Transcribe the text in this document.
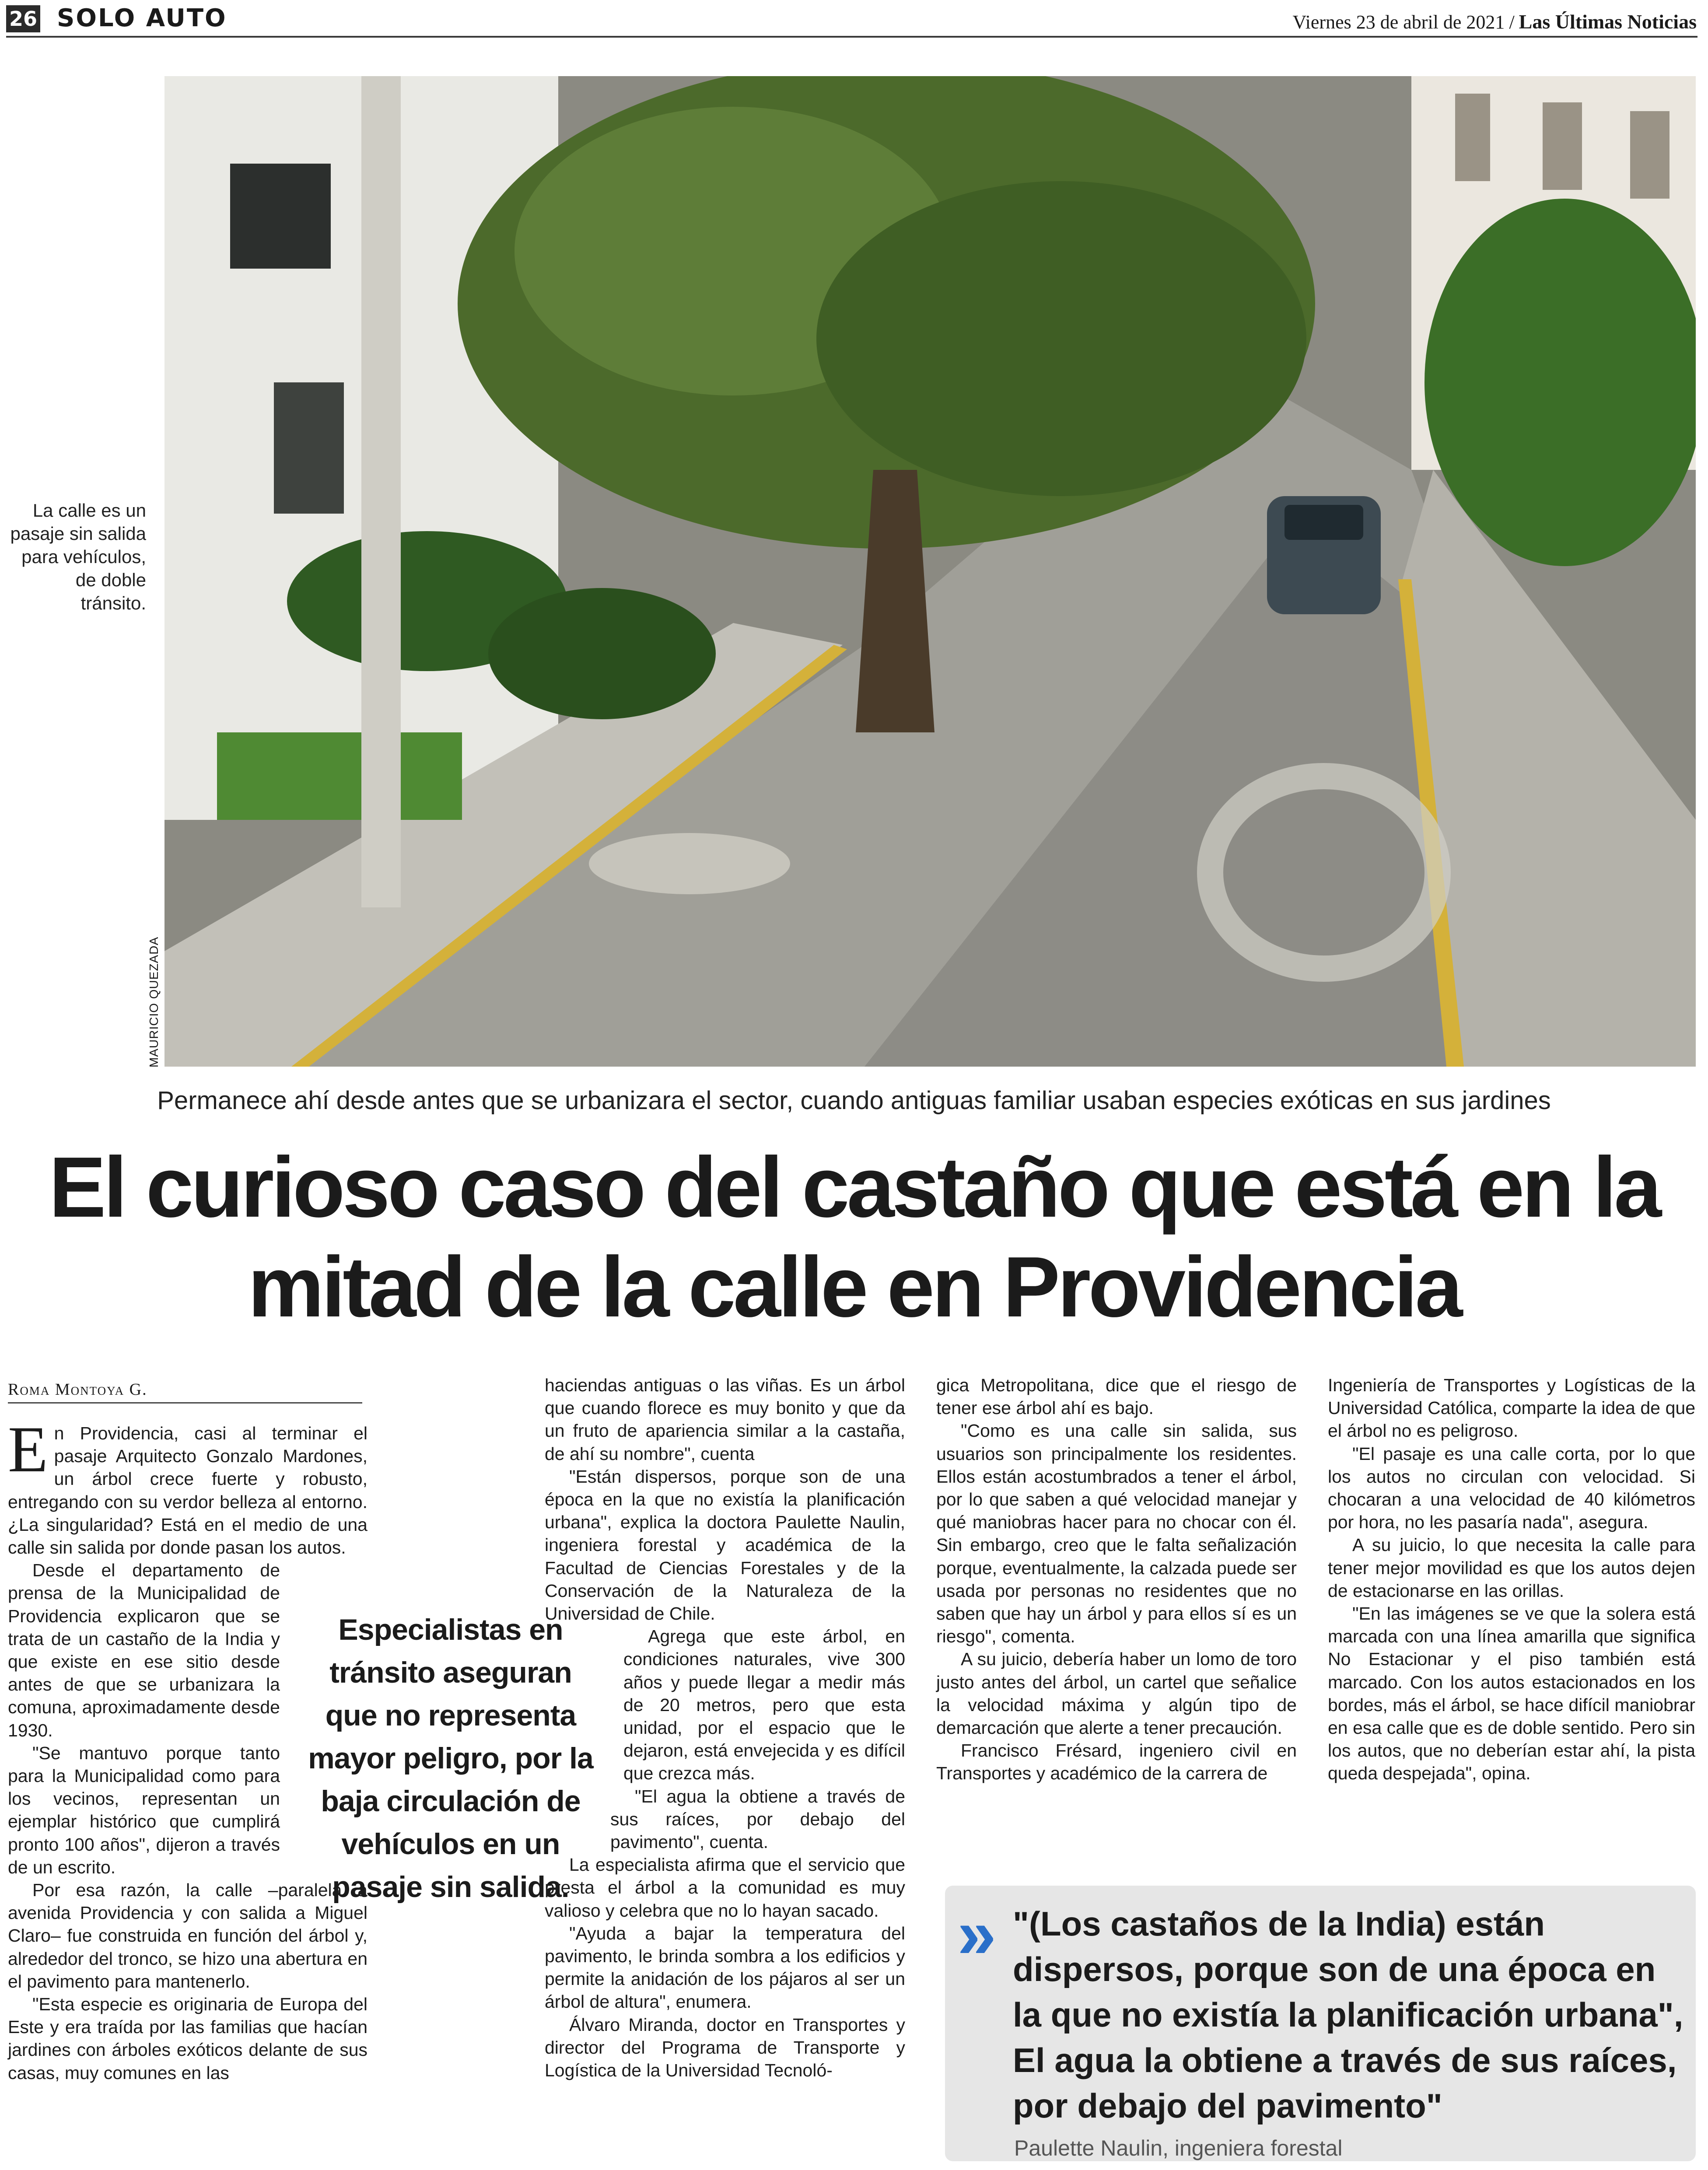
26 SOLO AUTO	Viernes 23 de abril de 2021 / Las Últimas Noticias
La calle es un pasaje sin salida para vehículos, de doble tránsito.
MAURICIO QUEZADA
Permanece ahí desde antes que se urbanizara el sector, cuando antiguas familiar usaban especies exóticas en sus jardines
El curioso caso del castaño que está en la
mitad de la calle en Providencia
Roma Montoya G.

En Providencia, casi al terminar el pasaje Arquitecto Gonzalo Mardones, un árbol crece fuerte y robusto, entregando con su verdor belleza al entorno. ¿La singularidad? Está en el medio de una calle sin salida por donde pasan los autos.

Desde el departamento de prensa de la Municipalidad de Providencia explicaron que se trata de un castaño de la India y que existe en ese sitio desde antes de que se urbanizara la comuna, aproximadamente desde 1930.

"Se mantuvo porque tanto para la Municipalidad como para los vecinos, representan un ejemplar histórico que cumplirá pronto 100 años", dijeron a través de un escrito.

Por esa razón, la calle –paralela a avenida Providencia y con salida a Miguel Claro– fue construida en función del árbol y, alrededor del tronco, se hizo una abertura en el pavimento para mantenerlo.

"Esta especie es originaria de Europa del Este y era traída por las familias que hacían jardines con árboles exóticos delante de sus casas, muy comunes en las

Especialistas en tránsito aseguran que no representa mayor peligro, por la baja circulación de vehículos en un pasaje sin salida.

haciendas antiguas o las viñas. Es un árbol que cuando florece es muy bonito y que da un fruto de apariencia similar a la castaña, de ahí su nombre", cuenta

"Están dispersos, porque son de una época en la que no existía la planificación urbana", explica la doctora Paulette Naulin, ingeniera forestal y académica de la Facultad de Ciencias Forestales y de la Conservación de la Naturaleza de la Universidad de Chile.

Agrega que este árbol, en condiciones naturales, vive 300 años y puede llegar a medir más de 20 metros, pero que esta unidad, por el espacio que le dejaron, está envejecida y es difícil que crezca más.

"El agua la obtiene a través de sus raíces, por debajo del pavimento", cuenta.

La especialista afirma que el servicio que presta el árbol a la comunidad es muy valioso y celebra que no lo hayan sacado.

"Ayuda a bajar la temperatura del pavimento, le brinda sombra a los edificios y permite la anidación de los pájaros al ser un árbol de altura", enumera.

Álvaro Miranda, doctor en Transportes y director del Programa de Transporte y Logística de la Universidad Tecnoló-

gica Metropolitana, dice que el riesgo de tener ese árbol ahí es bajo.

"Como es una calle sin salida, sus usuarios son principalmente los residentes. Ellos están acostumbrados a tener el árbol, por lo que saben a qué velocidad manejar y qué maniobras hacer para no chocar con él. Sin embargo, creo que le falta señalización porque, eventualmente, la calzada puede ser usada por personas no residentes que no saben que hay un árbol y para ellos sí es un riesgo", comenta.

A su juicio, debería haber un lomo de toro justo antes del árbol, un cartel que señalice la velocidad máxima y algún tipo de demarcación que alerte a tener precaución.

Francisco Frésard, ingeniero civil en Transportes y académico de la carrera de

Ingeniería de Transportes y Logísticas de la Universidad Católica, comparte la idea de que el árbol no es peligroso.

"El pasaje es una calle corta, por lo que los autos no circulan con velocidad. Si chocaran a una velocidad de 40 kilómetros por hora, no les pasaría nada", asegura.

A su juicio, lo que necesita la calle para tener mejor movilidad es que los autos dejen de estacionarse en las orillas.

"En las imágenes se ve que la solera está marcada con una línea amarilla que significa No Estacionar y el piso también está marcado. Con los autos estacionados en los bordes, más el árbol, se hace difícil maniobrar en esa calle que es de doble sentido. Pero sin los autos, que no deberían estar ahí, la pista queda despejada", opina.

» "(Los castaños de la India) están dispersos, porque son de una época en la que no existía la planificación urbana", El agua la obtiene a través de sus raíces, por debajo del pavimento"
Paulette Naulin, ingeniera forestal
